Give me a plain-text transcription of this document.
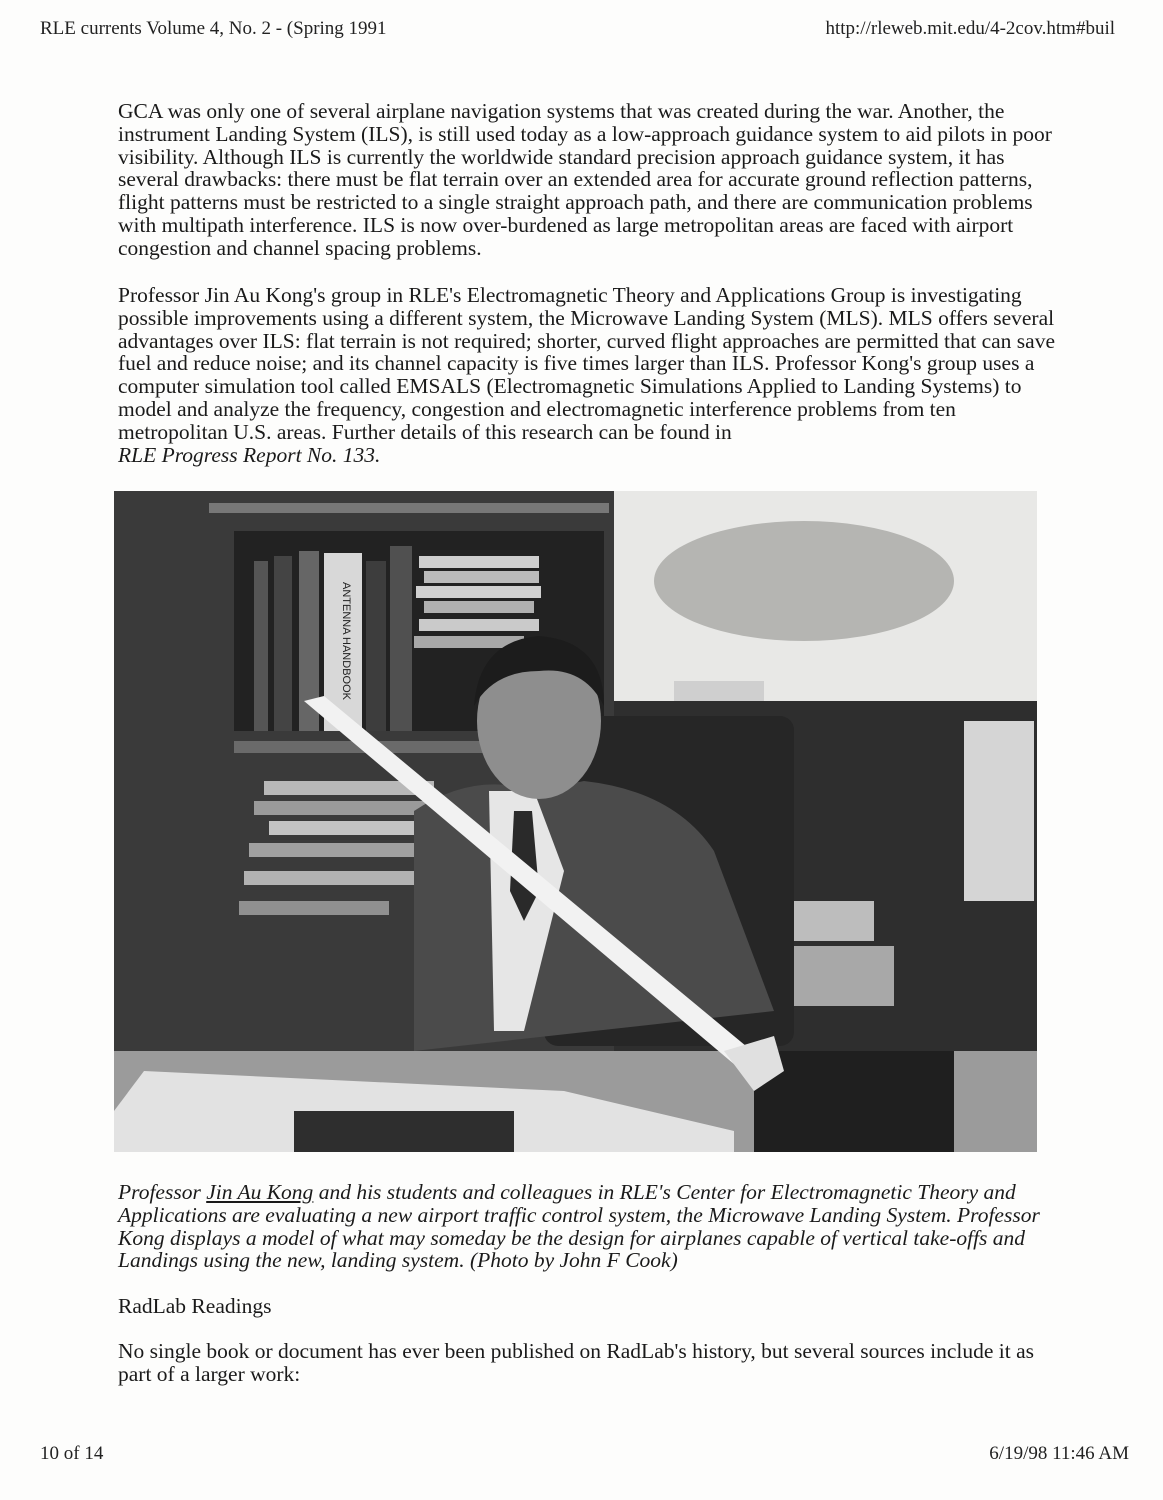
RLE currents Volume 4, No. 2 - (Spring 1991	http://rleweb.mit.edu/4-2cov.htm#buil

GCA was only one of several airplane navigation systems that was created during the war. Another, the instrument Landing System (ILS), is still used today as a low-approach guidance system to aid pilots in poor visibility. Although ILS is currently the worldwide standard precision approach guidance system, it has several drawbacks: there must be flat terrain over an extended area for accurate ground reflection patterns, flight patterns must be restricted to a single straight approach path, and there are communication problems with multipath interference. ILS is now over-burdened as large metropolitan areas are faced with airport congestion and channel spacing problems.

Professor Jin Au Kong's group in RLE's Electromagnetic Theory and Applications Group is investigating possible improvements using a different system, the Microwave Landing System (MLS). MLS offers several advantages over ILS: flat terrain is not required; shorter, curved flight approaches are permitted that can save fuel and reduce noise; and its channel capacity is five times larger than ILS. Professor Kong's group uses a computer simulation tool called EMSALS (Electromagnetic Simulations Applied to Landing Systems) to model and analyze the frequency, congestion and electromagnetic interference problems from ten metropolitan U.S. areas. Further details of this research can be found in
RLE Progress Report No. 133.

ANTENNA HANDBOOK

Professor Jin Au Kong and his students and colleagues in RLE's Center for Electromagnetic Theory and Applications are evaluating a new airport traffic control system, the Microwave Landing System. Professor Kong displays a model of what may someday be the design for airplanes capable of vertical take-offs and Landings using the new, landing system. (Photo by John F Cook)

RadLab Readings

No single book or document has ever been published on RadLab's history, but several sources include it as part of a larger work:

10 of 14	6/19/98 11:46 AM
